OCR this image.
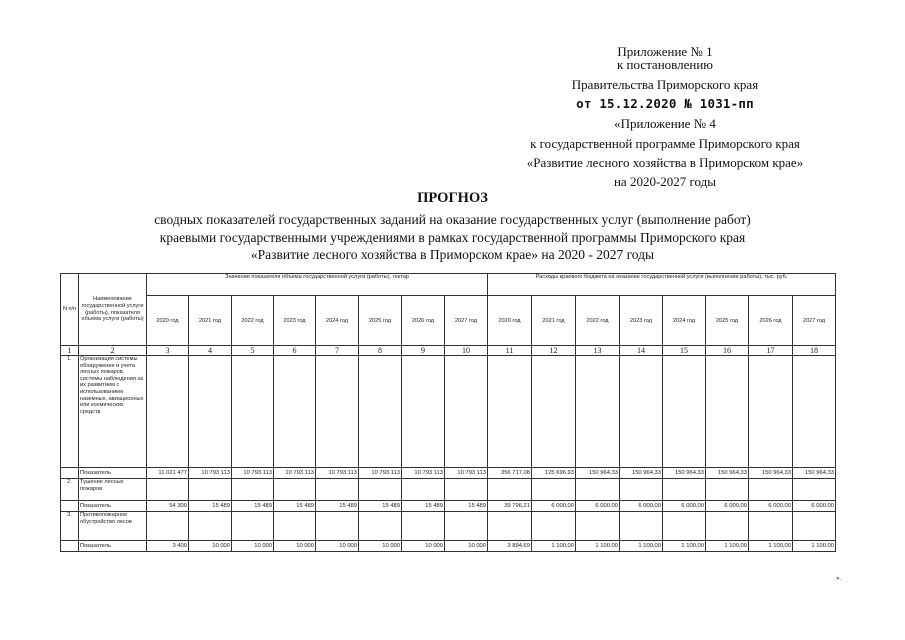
Приложение № 1
к постановлению
Правительства Приморского края
от 15.12.2020 № 1031-пп
«Приложение № 4
к государственной программе Приморского края
«Развитие лесного хозяйства в Приморском крае»
на 2020-2027 годы
ПРОГНОЗ
сводных показателей государственных заданий на оказание государственных услуг (выполнение работ)
краевыми государственными учреждениями в рамках государственной программы Приморского края
«Развитие лесного хозяйства в Приморском крае» на 2020 - 2027 годы
N п/п	Наименование государственной услуги (работы), показателя объема услуги (работы)	Значение показателя объема государственной услуги (работы), гектар								Расходы краевого бюджета на оказание государственной услуги (выполнение работы), тыс. руб.							
		2020 год	2021 год	2022 год	2023 год	2024 год	2025 год	2026 год	2027 год	2020 год	2021 год	2022 год	2023 год	2024 год	2025 год	2026 год	2027 год
1	2	3	4	5	6	7	8	9	10	11	12	13	14	15	16	17	18
1.	Организация системы обнаружения и учета лесных пожаров, системы наблюдения за их развитием с использованием наземных, авиационных или космических средств																
	Показатель	11 021 477	10 793 113	10 793 113	10 793 113	10 793 113	10 793 113	10 793 113	10 793 113	356 717,08	125 696,93	150 964,33	150 964,33	150 964,33	150 964,33	150 964,33	150 964,33
2.	Тушение лесных пожаров																
	Показатель	54 300	15 489	15 489	15 489	15 489	15 489	15 489	15 489	39 796,21	6 000,00	6 000,00	6 000,00	6 000,00	6 000,00	6 000,00	6 000,00
3.	Противопожарное обустройство лесов																
	Показатель	3 400	10 000	10 000	10 000	10 000	10 000	10 000	10 000	3 894,69	1 100,00	1 100,00	1 100,00	1 100,00	1 100,00	1 100,00	1 100,00
».
